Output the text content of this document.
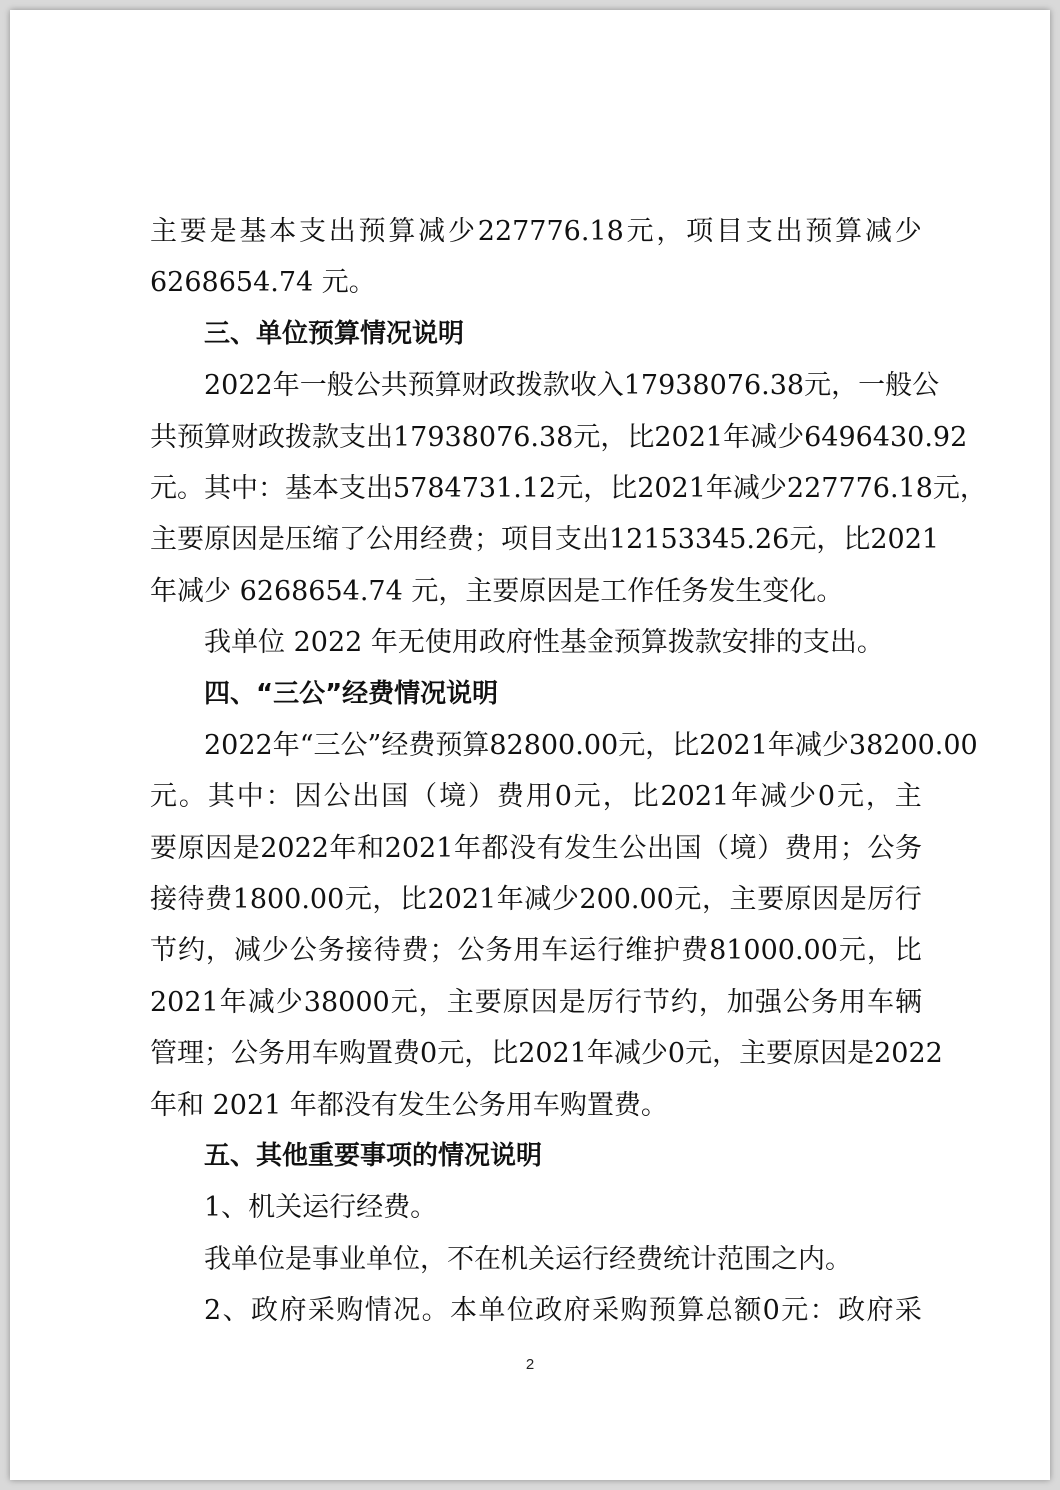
主 要 是 基 本 支 出 预 算 减 少 227776.18 元 ， 项 目 支 出 预 算 减 少
6268654.74 元。
三、单位预算情况说明
2022 年 一 般 公 共 预 算 财 政 拨 款 收 入 17938076.38 元 ， 一 般 公
共 预 算 财 政 拨 款 支 出 17938076.38 元 ， 比 2021 年 减 少 6496430.92
元 。 其 中 ： 基 本 支 出 5784731.12 元 ， 比 2021 年 减 少 227776.18 元 ，
主 要 原 因 是 压 缩 了 公 用 经 费 ； 项 目 支 出 12153345.26 元 ， 比 2021
年减少 6268654.74 元，主要原因是工作任务发生变化。
我单位 2022 年无使用政府性基金预算拨款安排的支出。
四、“三公”经费情况说明
2022 年 “ 三 公 ” 经 费 预 算 82800.00 元 ， 比 2021 年 减 少 38200.00
元 。 其 中 ： 因 公 出 国 （ 境 ） 费 用 0 元 ， 比 2021 年 减 少 0 元 ， 主
要 原 因 是 2022 年 和 2021 年 都 没 有 发 生 公 出 国 （ 境 ） 费 用 ； 公 务
接 待 费 1800.00 元 ， 比 2021 年 减 少 200.00 元 ， 主 要 原 因 是 厉 行
节 约 ， 减 少 公 务 接 待 费 ； 公 务 用 车 运 行 维 护 费 81000.00 元 ， 比
2021 年 减 少 38000 元 ， 主 要 原 因 是 厉 行 节 约 ， 加 强 公 务 用 车 辆
管 理 ； 公 务 用 车 购 置 费 0 元 ， 比 2021 年 减 少 0 元 ， 主 要 原 因 是 2022
年和 2021 年都没有发生公务用车购置费。
五、其他重要事项的情况说明
1、机关运行经费。
我单位是事业单位，不在机关运行经费统计范围之内。
2 、 政 府 采 购 情 况 。 本 单 位 政 府 采 购 预 算 总 额 0 元 ： 政 府 采
2
